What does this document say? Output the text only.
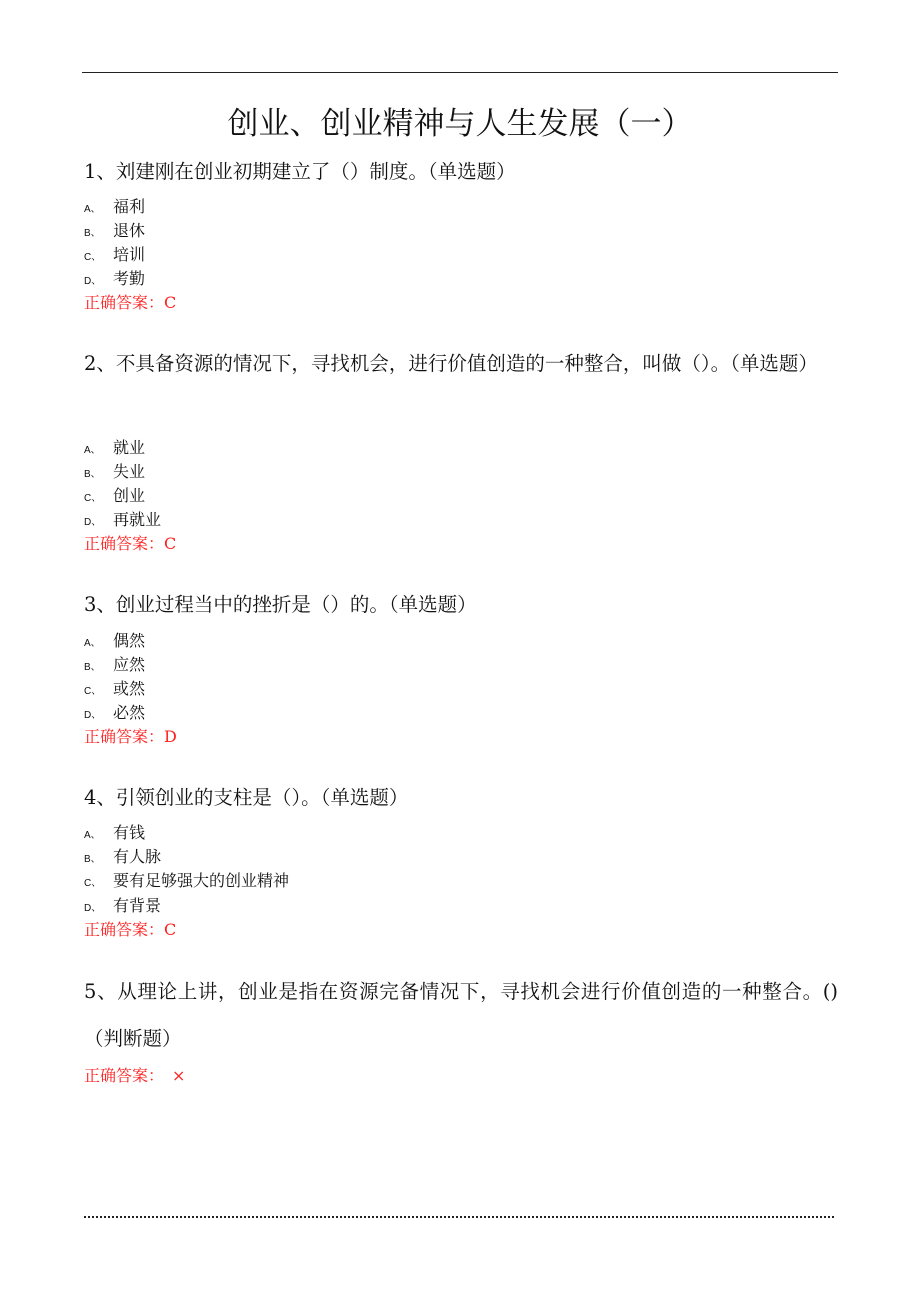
创业、创业精神与人生发展（一）
1、刘建刚在创业初期建立了（）制度。（单选题）
A、 福利
B、 退休
C、 培训
D、 考勤
正确答案：C
2、不具备资源的情况下，寻找机会，进行价值创造的一种整合，叫做（）。（单选题）
A、 就业
B、 失业
C、 创业
D、 再就业
正确答案：C
3、创业过程当中的挫折是（）的。（单选题）
A、 偶然
B、 应然
C、 或然
D、 必然
正确答案：D
4、引领创业的支柱是（）。（单选题）
A、 有钱
B、 有人脉
C、 要有足够强大的创业精神
D、 有背景
正确答案：C
5、从理论上讲，创业是指在资源完备情况下，寻找机会进行价值创造的一种整合。()（判断题）
正确答案：　×
